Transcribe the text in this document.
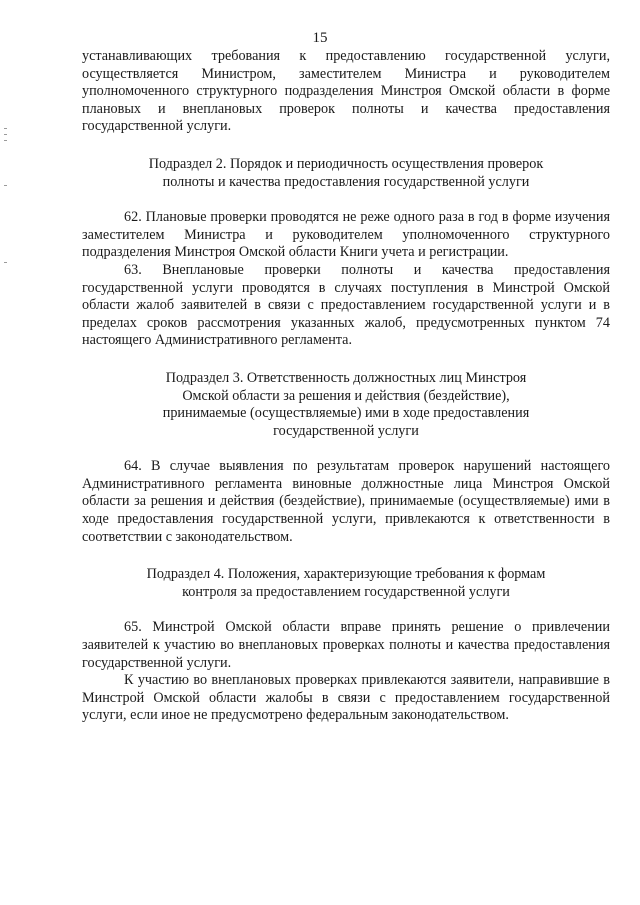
15

устанавливающих требования к предоставлению государственной услуги, осуществляется Министром, заместителем Министра и руководителем уполномоченного структурного подразделения Минстроя Омской области в форме плановых и внеплановых проверок полноты и качества предоставления государственной услуги.

Подраздел 2. Порядок и периодичность осуществления проверок
полноты и качества предоставления государственной услуги

62. Плановые проверки проводятся не реже одного раза в год в форме изучения заместителем Министра и руководителем уполномоченного структурного подразделения Минстроя Омской области Книги учета и регистрации.

63. Внеплановые проверки полноты и качества предоставления государственной услуги проводятся в случаях поступления в Минстрой Омской области жалоб заявителей в связи с предоставлением государственной услуги и в пределах сроков рассмотрения указанных жалоб, предусмотренных пунктом 74 настоящего Административного регламента.

Подраздел 3. Ответственность должностных лиц Минстроя
Омской области за решения и действия (бездействие),
принимаемые (осуществляемые) ими в ходе предоставления
государственной услуги

64. В случае выявления по результатам проверок нарушений настоящего Административного регламента виновные должностные лица Минстроя Омской области за решения и действия (бездействие), принимаемые (осуществляемые) ими в ходе предоставления государственной услуги, привлекаются к ответственности в соответствии с законодательством.

Подраздел 4. Положения, характеризующие требования к формам
контроля за предоставлением государственной услуги

65. Минстрой Омской области вправе принять решение о привлечении заявителей к участию во внеплановых проверках полноты и качества предоставления государственной услуги.

К участию во внеплановых проверках привлекаются заявители, направившие в Минстрой Омской области жалобы в связи с предоставлением государственной услуги, если иное не предусмотрено федеральным законодательством.
